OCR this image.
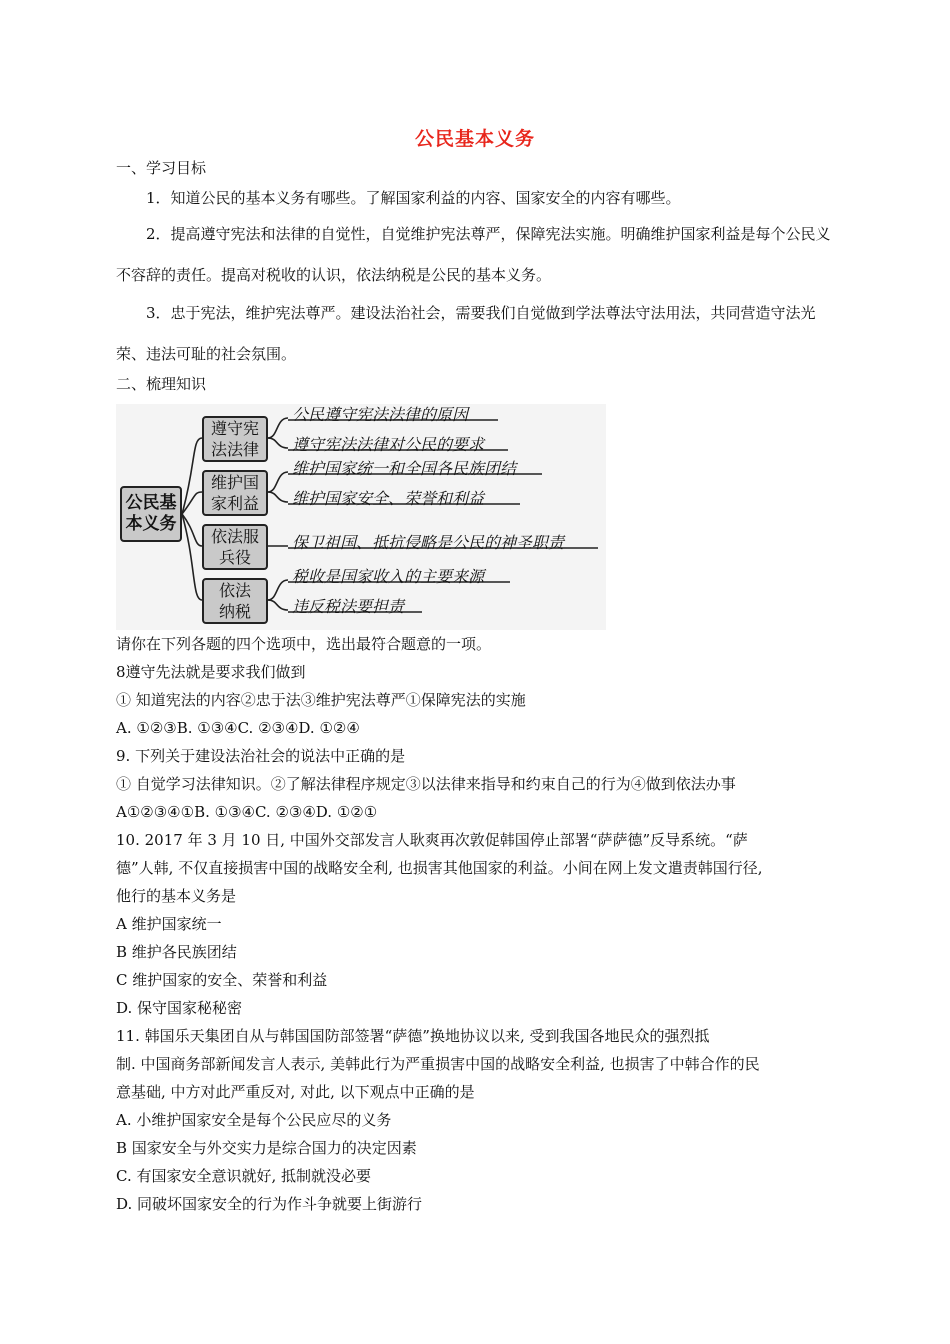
公民基本义务
一、学习目标
1．知道公民的基本义务有哪些。了解国家利益的内容、国家安全的内容有哪些。
2．提高遵守宪法和法律的自觉性，自觉维护宪法尊严，保障宪法实施。明确维护国家利益是每个公民义不容辞的责任。提高对税收的认识，依法纳税是公民的基本义务。
3．忠于宪法，维护宪法尊严。建设法治社会，需要我们自觉做到学法尊法守法用法，共同营造守法光荣、违法可耻的社会氛围。
二、梳理知识
公民基
本义务
遵守宪
法法律
维护国
家利益
依法服
兵役
依法
纳税
公民遵守宪法法律的原因
遵守宪法法律对公民的要求
维护国家统一和全国各民族团结
维护国家安全、荣誉和利益
保卫祖国、抵抗侵略是公民的神圣职责
税收是国家收入的主要来源
违反税法要担责
请你在下列各题的四个选项中，选出最符合题意的一项。
8遵守先法就是要求我们做到
① 知道宪法的内容②忠于法③维护宪法尊严①保障宪法的实施
A. ①②③B. ①③④C. ②③④D. ①②④
9. 下列关于建设法治社会的说法中正确的是
① 自觉学习法律知识。②了解法律程序规定③以法律来指导和约束自己的行为④做到依法办事
A①②③④①B. ①③④C. ②③④D. ①②①
10. 2017 年 3 月 10 日, 中国外交部发言人耿爽再次敦促韩国停止部署“萨萨德”反导系统。“萨
德”人韩, 不仅直接损害中国的战略安全利, 也损害其他国家的利益。小间在网上发文遣责韩国行径,
他行的基本义务是
A 维护国家统一
B 维护各民族团结
C 维护国家的安全、荣誉和利益
D. 保守国家秘秘密
11. 韩国乐天集团自从与韩国国防部签署“萨德”换地协议以来, 受到我国各地民众的强烈抵
制. 中国商务部新闻发言人表示, 美韩此行为严重损害中国的战略安全利益, 也损害了中韩合作的民
意基础, 中方对此严重反对, 对此, 以下观点中正确的是
A. 小维护国家安全是每个公民应尽的义务
B 国家安全与外交实力是综合国力的决定因素
C. 有国家安全意识就好, 抵制就没必要
D. 同破坏国家安全的行为作斗争就要上街游行
